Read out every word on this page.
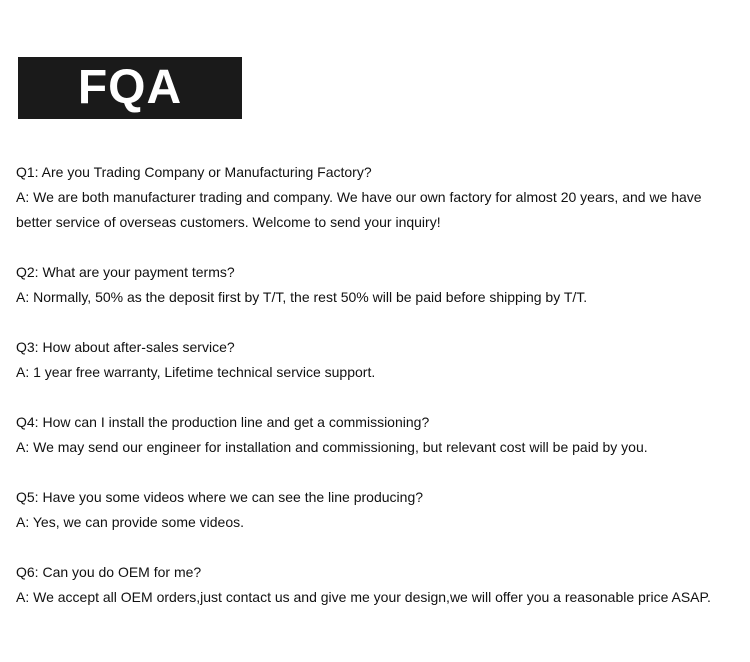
FQA
Q1: Are you Trading Company or Manufacturing Factory?
A: We are both manufacturer trading and company. We have our own factory for almost 20 years, and we have better service of overseas customers. Welcome to send your inquiry!
Q2: What are your payment terms?
A: Normally, 50% as the deposit first by T/T, the rest 50% will be paid before shipping by T/T.
Q3: How about after-sales service?
A: 1 year free warranty, Lifetime technical service support.
Q4: How can I install the production line and get a commissioning?
A: We may send our engineer for installation and commissioning, but relevant cost will be paid by you.
Q5: Have you some videos where we can see the line producing?
A: Yes, we can provide some videos.
Q6: Can you do OEM for me?
A: We accept all OEM orders,just contact us and give me your design,we will offer you a reasonable price ASAP.
